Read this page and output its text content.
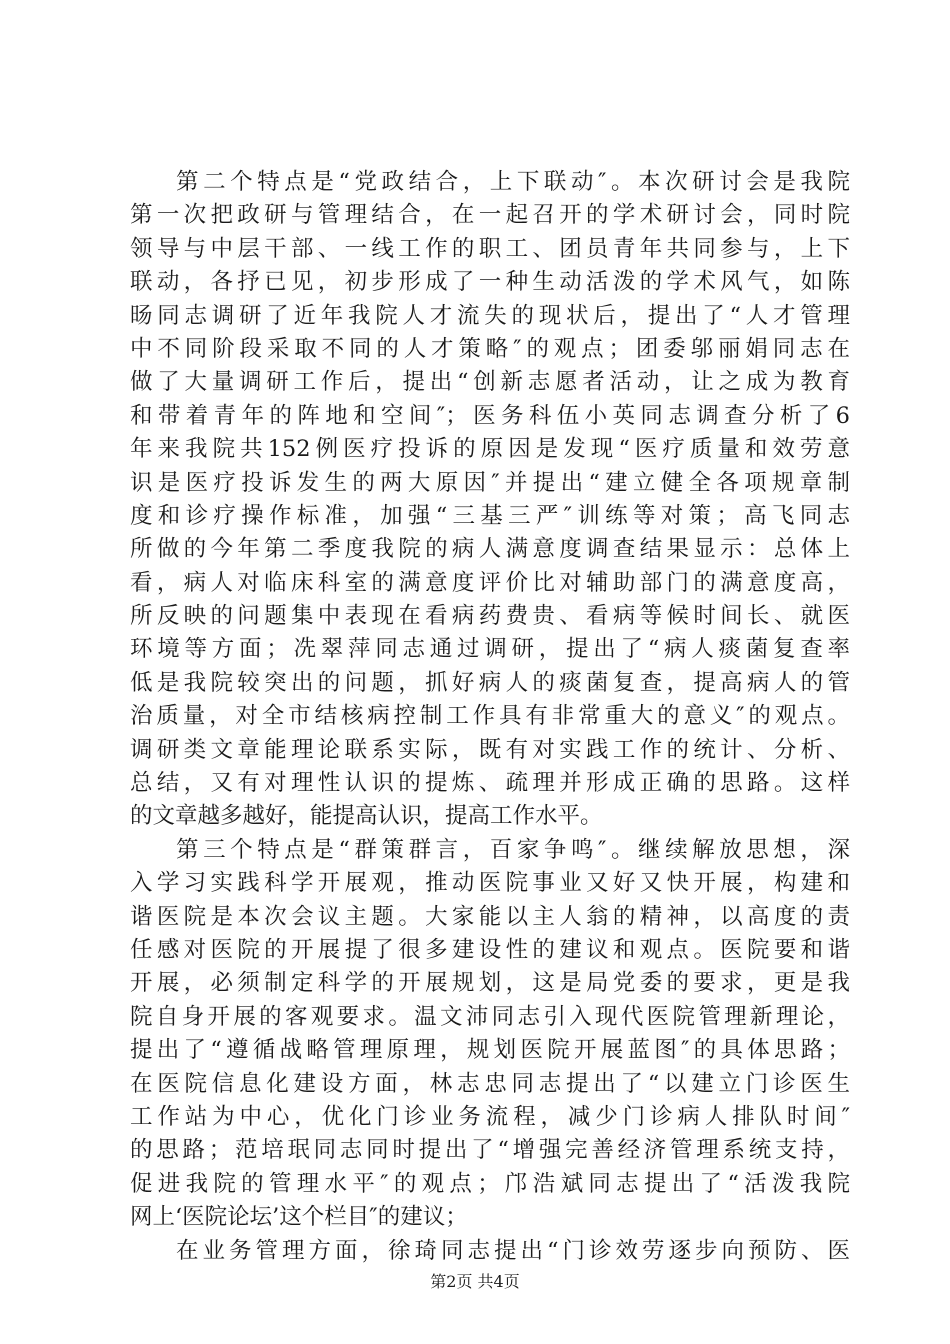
第二个特点是“党政结合，上下联动″。本次研讨会是我院
第一次把政研与管理结合，在一起召开的学术研讨会，同时院
领导与中层干部、一线工作的职工、团员青年共同参与，上下
联动，各抒已见，初步形成了一种生动活泼的学术风气，如陈
旸同志调研了近年我院人才流失的现状后，提出了“人才管理
中不同阶段采取不同的人才策略″的观点；团委邬丽娟同志在
做了大量调研工作后，提出“创新志愿者活动，让之成为教育
和带着青年的阵地和空间″；医务科伍小英同志调查分析了6
年来我院共152例医疗投诉的原因是发现“医疗质量和效劳意
识是医疗投诉发生的两大原因″并提出“建立健全各项规章制
度和诊疗操作标准，加强“三基三严″训练等对策；高飞同志
所做的今年第二季度我院的病人满意度调查结果显示：总体上
看，病人对临床科室的满意度评价比对辅助部门的满意度高，
所反映的问题集中表现在看病药费贵、看病等候时间长、就医
环境等方面；冼翠萍同志通过调研，提出了“病人痰菌复查率
低是我院较突出的问题，抓好病人的痰菌复查，提高病人的管
治质量，对全市结核病控制工作具有非常重大的意义″的观点。
调研类文章能理论联系实际，既有对实践工作的统计、分析、
总结，又有对理性认识的提炼、疏理并形成正确的思路。这样
的文章越多越好，能提高认识，提高工作水平。
第三个特点是“群策群言，百家争鸣″。继续解放思想，深
入学习实践科学开展观，推动医院事业又好又快开展，构建和
谐医院是本次会议主题。大家能以主人翁的精神，以高度的责
任感对医院的开展提了很多建设性的建议和观点。医院要和谐
开展，必须制定科学的开展规划，这是局党委的要求，更是我
院自身开展的客观要求。温文沛同志引入现代医院管理新理论，
提出了“遵循战略管理原理，规划医院开展蓝图″的具体思路；
在医院信息化建设方面，林志忠同志提出了“以建立门诊医生
工作站为中心，优化门诊业务流程，减少门诊病人排队时间″
的思路；范培珉同志同时提出了“增强完善经济管理系统支持，
促进我院的管理水平″的观点；邝浩斌同志提出了“活泼我院
网上‘医院论坛’这个栏目″的建议；
在业务管理方面，徐琦同志提出“门诊效劳逐步向预防、医
第2页 共4页
